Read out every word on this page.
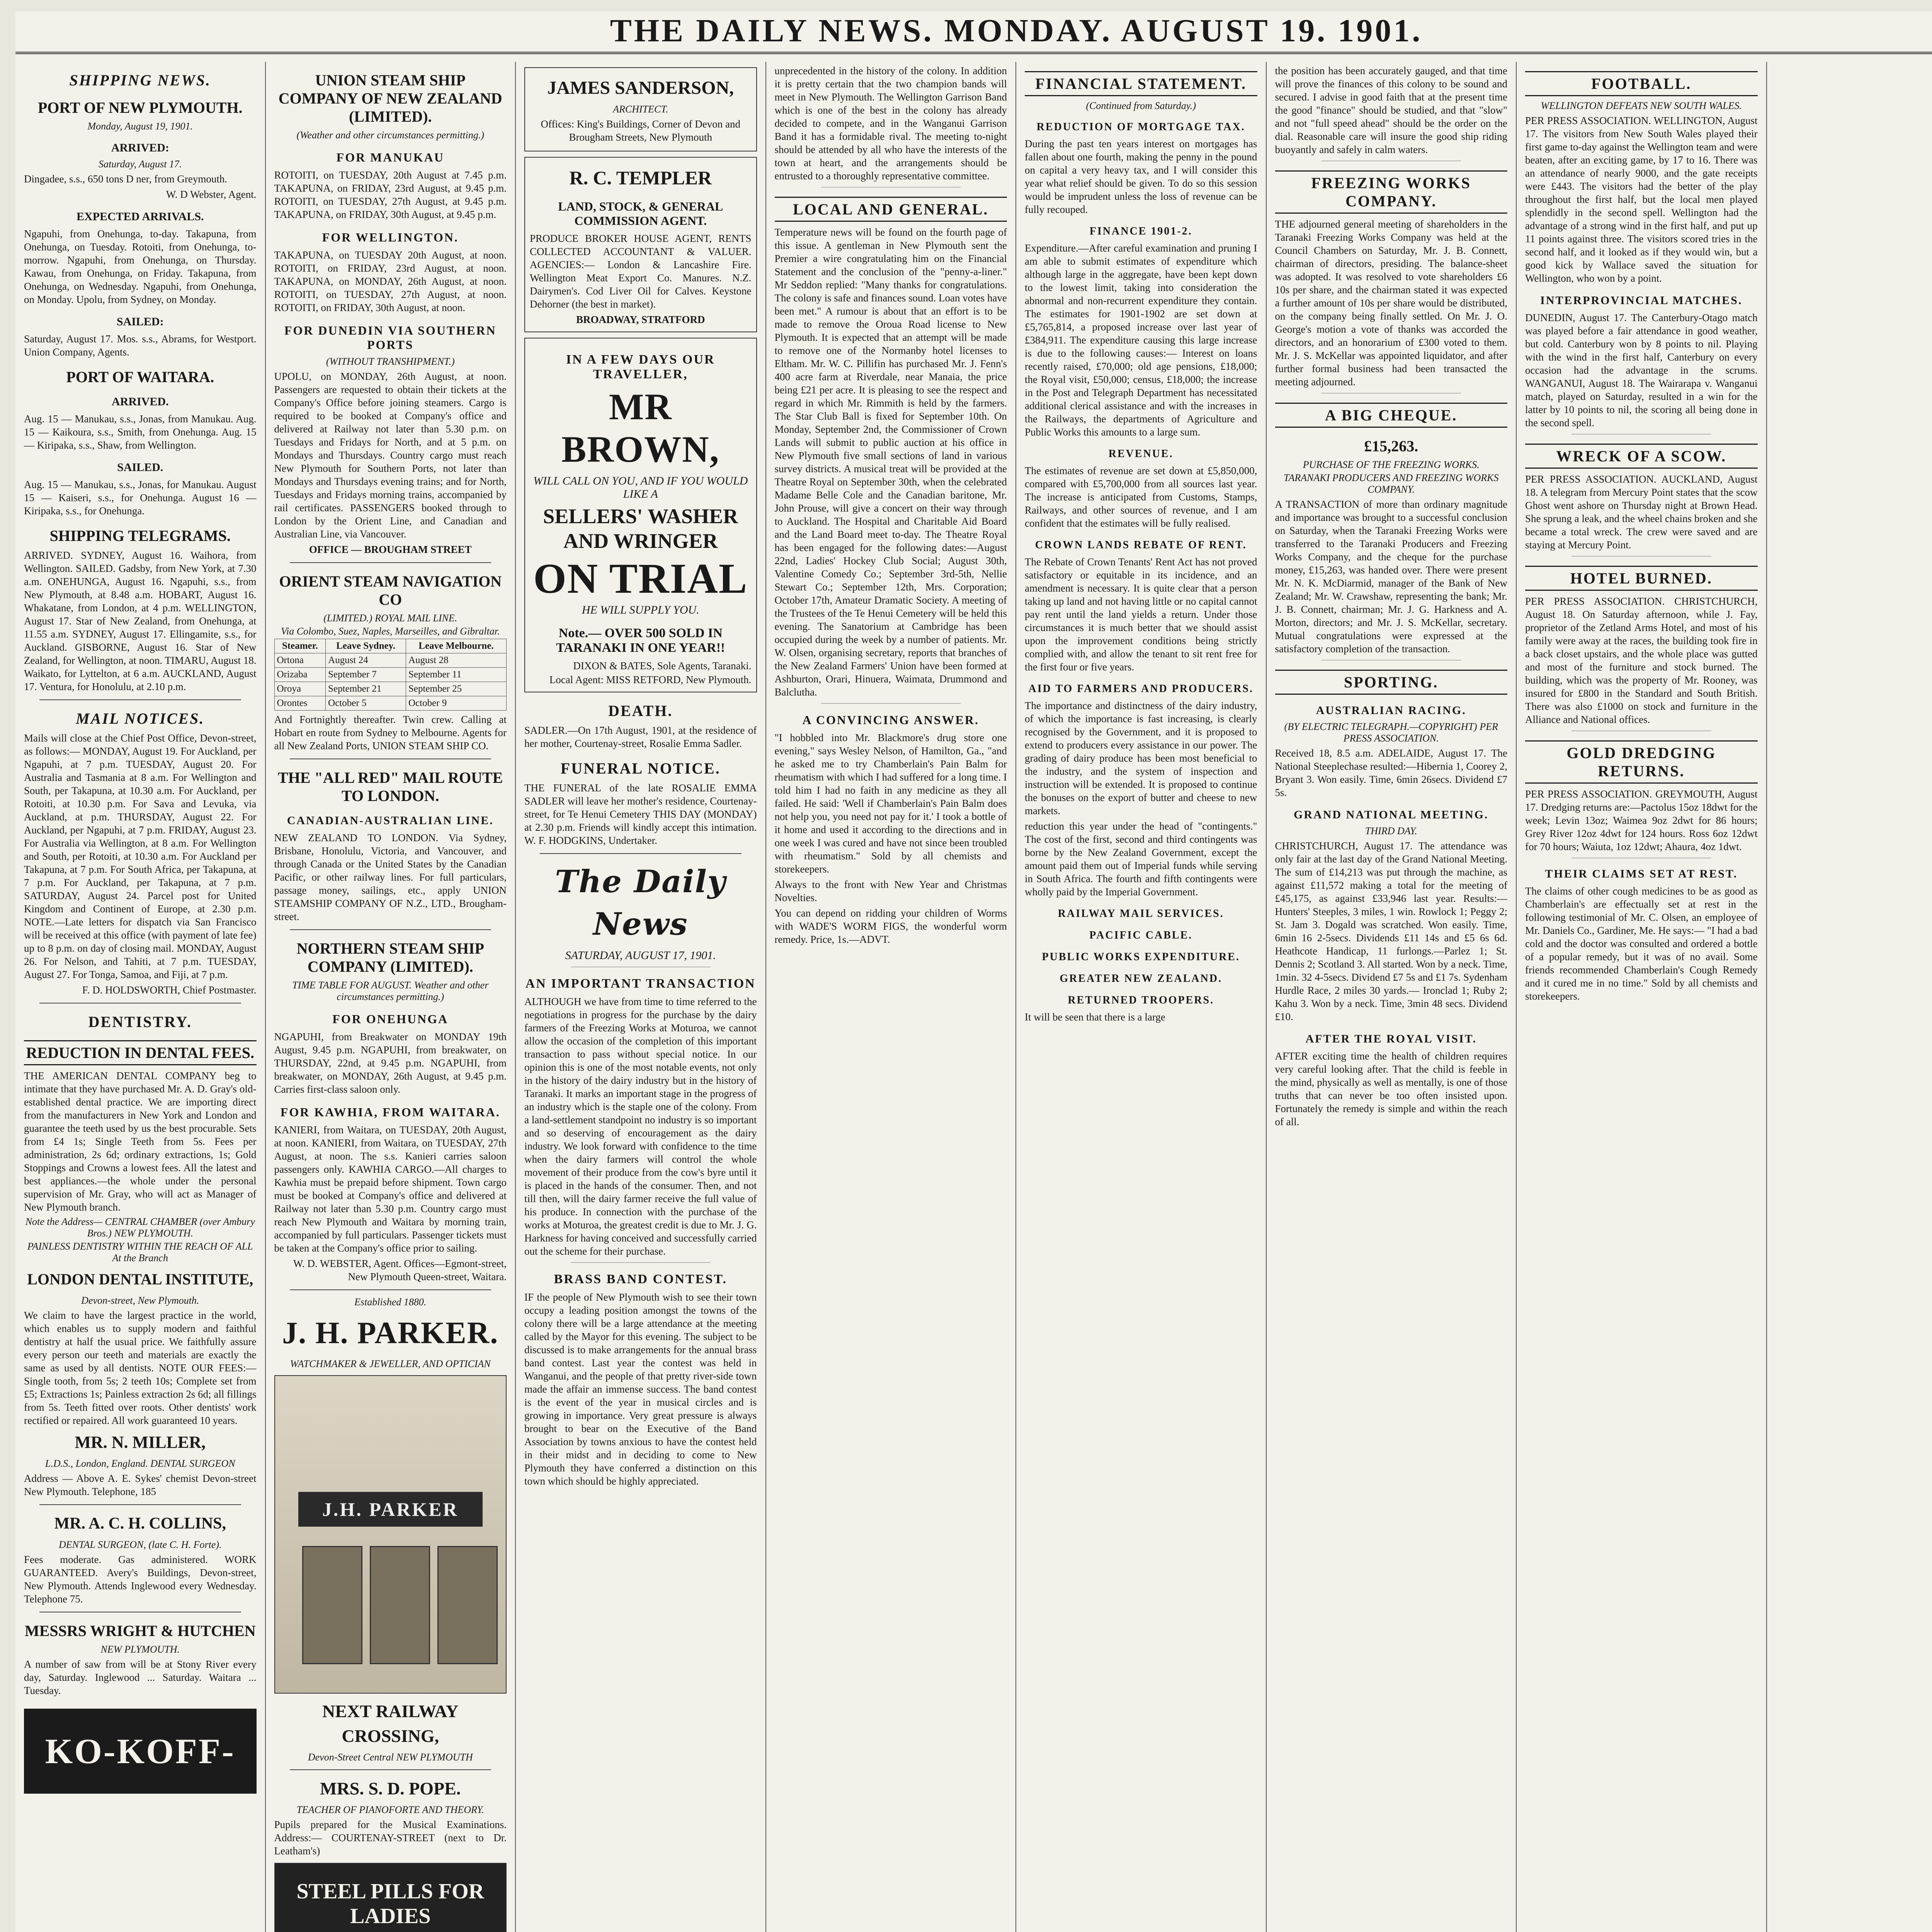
THE DAILY NEWS. MONDAY. AUGUST 19. 1901.
SHIPPING NEWS.
PORT OF NEW PLYMOUTH.
Monday, August 19, 1901.
ARRIVED:
Saturday, August 17.
Dingadee, s.s., 650 tons D ner, from Greymouth.
W. D Webster, Agent.
EXPECTED ARRIVALS.
Ngapuhi, from Onehunga, to-day. Takapuna, from Onehunga, on Tuesday. Rotoiti, from Onehunga, to-morrow. Ngapuhi, from Onehunga, on Thursday. Kawau, from Onehunga, on Friday. Takapuna, from Onehunga, on Wednesday. Ngapuhi, from Onehunga, on Monday. Upolu, from Sydney, on Monday.
SAILED:
Saturday, August 17. Mos. s.s., Abrams, for Westport. Union Company, Agents.
PORT OF WAITARA.
ARRIVED.
Aug. 15 — Manukau, s.s., Jonas, from Manukau. Aug. 15 — Kaikoura, s.s., Smith, from Onehunga. Aug. 15 — Kiripaka, s.s., Shaw, from Wellington.
SAILED.
Aug. 15 — Manukau, s.s., Jonas, for Manukau. August 15 — Kaiseri, s.s., for Onehunga. August 16 — Kiripaka, s.s., for Onehunga.
SHIPPING TELEGRAMS.
ARRIVED. SYDNEY, August 16. Waihora, from Wellington. SAILED. Gadsby, from New York, at 7.30 a.m. ONEHUNGA, August 16. Ngapuhi, s.s., from New Plymouth, at 8.48 a.m. HOBART, August 16. Whakatane, from London, at 4 p.m. WELLINGTON, August 17. Star of New Zealand, from Onehunga, at 11.55 a.m. SYDNEY, August 17. Ellingamite, s.s., for Auckland. GISBORNE, August 16. Star of New Zealand, for Wellington, at noon. TIMARU, August 18. Waikato, for Lyttelton, at 6 a.m. AUCKLAND, August 17. Ventura, for Honolulu, at 2.10 p.m.
MAIL NOTICES.
Mails will close at the Chief Post Office, Devon-street, as follows:— MONDAY, August 19. For Auckland, per Ngapuhi, at 7 p.m. TUESDAY, August 20. For Australia and Tasmania at 8 a.m. For Wellington and South, per Takapuna, at 10.30 a.m. For Auckland, per Rotoiti, at 10.30 p.m. For Sava and Levuka, via Auckland, at p.m. THURSDAY, August 22. For Auckland, per Ngapuhi, at 7 p.m. FRIDAY, August 23. For Australia via Wellington, at 8 a.m. For Wellington and South, per Rotoiti, at 10.30 a.m. For Auckland per Takapuna, at 7 p.m. For South Africa, per Takapuna, at 7 p.m. For Auckland, per Takapuna, at 7 p.m. SATURDAY, August 24. Parcel post for United Kingdom and Continent of Europe, at 2.30 p.m. NOTE.—Late letters for dispatch via San Francisco will be received at this office (with payment of late fee) up to 8 p.m. on day of closing mail. MONDAY, August 26. For Nelson, and Tahiti, at 7 p.m. TUESDAY, August 27. For Tonga, Samoa, and Fiji, at 7 p.m.
F. D. HOLDSWORTH, Chief Postmaster.
DENTISTRY.
REDUCTION IN DENTAL FEES.
THE AMERICAN DENTAL COMPANY beg to intimate that they have purchased Mr. A. D. Gray's old-established dental practice. We are importing direct from the manufacturers in New York and London and guarantee the teeth used by us the best procurable. Sets from £4 1s; Single Teeth from 5s. Fees per administration, 2s 6d; ordinary extractions, 1s; Gold Stoppings and Crowns a lowest fees. All the latest and best appliances.—the whole under the personal supervision of Mr. Gray, who will act as Manager of New Plymouth branch.
Note the Address— CENTRAL CHAMBER (over Ambury Bros.) NEW PLYMOUTH.
PAINLESS DENTISTRY WITHIN THE REACH OF ALL At the Branch
LONDON DENTAL INSTITUTE,
Devon-street, New Plymouth.
We claim to have the largest practice in the world, which enables us to supply modern and faithful dentistry at half the usual price. We faithfully assure every person our teeth and materials are exactly the same as used by all dentists. NOTE OUR FEES:—Single tooth, from 5s; 2 teeth 10s; Complete set from £5; Extractions 1s; Painless extraction 2s 6d; all fillings from 5s. Teeth fitted over roots. Other dentists' work rectified or repaired. All work guaranteed 10 years.
MR. N. MILLER,
L.D.S., London, England. DENTAL SURGEON
Address — Above A. E. Sykes' chemist Devon-street New Plymouth. Telephone, 185
MR. A. C. H. COLLINS,
DENTAL SURGEON, (late C. H. Forte).
Fees moderate. Gas administered. WORK GUARANTEED. Avery's Buildings, Devon-street, New Plymouth. Attends Inglewood every Wednesday. Telephone 75.
MESSRS WRIGHT & HUTCHEN
NEW PLYMOUTH.
A number of saw from will be at Stony River every day, Saturday. Inglewood ... Saturday. Waitara ... Tuesday.
KO-KOFF-COFFEE
UNION STEAM SHIP COMPANY OF NEW ZEALAND (LIMITED).
(Weather and other circumstances permitting.)
FOR MANUKAU
ROTOITI, on TUESDAY, 20th August at 7.45 p.m. TAKAPUNA, on FRIDAY, 23rd August, at 9.45 p.m. ROTOITI, on TUESDAY, 27th August, at 9.45 p.m. TAKAPUNA, on FRIDAY, 30th August, at 9.45 p.m.
FOR WELLINGTON.
TAKAPUNA, on TUESDAY 20th August, at noon. ROTOITI, on FRIDAY, 23rd August, at noon. TAKAPUNA, on MONDAY, 26th August, at noon. ROTOITI, on TUESDAY, 27th August, at noon. ROTOITI, on FRIDAY, 30th August, at noon.
FOR DUNEDIN VIA SOUTHERN PORTS
(WITHOUT TRANSHIPMENT.)
UPOLU, on MONDAY, 26th August, at noon. Passengers are requested to obtain their tickets at the Company's Office before joining steamers. Cargo is required to be booked at Company's office and delivered at Railway not later than 5.30 p.m. on Tuesdays and Fridays for North, and at 5 p.m. on Mondays and Thursdays. Country cargo must reach New Plymouth for Southern Ports, not later than Mondays and Thursdays evening trains; and for North, Tuesdays and Fridays morning trains, accompanied by rail certificates. PASSENGERS booked through to London by the Orient Line, and Canadian and Australian Line, via Vancouver.
OFFICE — BROUGHAM STREET
ORIENT STEAM NAVIGATION CO
(LIMITED.) ROYAL MAIL LINE.
Via Colombo, Suez, Naples, Marseilles, and Gibraltar.
Steamer.	Leave Sydney.	Leave Melbourne.
Ortona	August 24	August 28
Orizaba	September 7	September 11
Oroya	September 21	September 25
Orontes	October 5	October 9
And Fortnightly thereafter. Twin crew. Calling at Hobart en route from Sydney to Melbourne. Agents for all New Zealand Ports, UNION STEAM SHIP CO.
THE "ALL RED" MAIL ROUTE TO LONDON.
CANADIAN-AUSTRALIAN LINE.
NEW ZEALAND TO LONDON. Via Sydney, Brisbane, Honolulu, Victoria, and Vancouver, and through Canada or the United States by the Canadian Pacific, or other railway lines. For full particulars, passage money, sailings, etc., apply UNION STEAMSHIP COMPANY OF N.Z., LTD., Brougham-street.
NORTHERN STEAM SHIP COMPANY (LIMITED).
TIME TABLE FOR AUGUST. Weather and other circumstances permitting.)
FOR ONEHUNGA
NGAPUHI, from Breakwater on MONDAY 19th August, 9.45 p.m. NGAPUHI, from breakwater, on THURSDAY, 22nd, at 9.45 p.m. NGAPUHI, from breakwater, on MONDAY, 26th August, at 9.45 p.m. Carries first-class saloon only.
FOR KAWHIA, FROM WAITARA.
KANIERI, from Waitara, on TUESDAY, 20th August, at noon. KANIERI, from Waitara, on TUESDAY, 27th August, at noon. The s.s. Kanieri carries saloon passengers only. KAWHIA CARGO.—All charges to Kawhia must be prepaid before shipment. Town cargo must be booked at Company's office and delivered at Railway not later than 5.30 p.m. Country cargo must reach New Plymouth and Waitara by morning train, accompanied by full particulars. Passenger tickets must be taken at the Company's office prior to sailing.
W. D. WEBSTER, Agent. Offices—Egmont-street, New Plymouth Queen-street, Waitara.
Established 1880.
J. H. PARKER.
WATCHMAKER & JEWELLER, AND OPTICIAN
J.H. PARKER
NEXT RAILWAY CROSSING,
Devon-Street Central NEW PLYMOUTH
MRS. S. D. POPE.
TEACHER OF PIANOFORTE AND THEORY.
Pupils prepared for the Musical Examinations. Address:— COURTENAY-STREET (next to Dr. Leatham's)
STEEL PILLS FOR LADIES
JAMES SANDERSON,
ARCHITECT.
Offices: King's Buildings, Corner of Devon and Brougham Streets, New Plymouth
R. C. TEMPLER
LAND, STOCK, & GENERAL COMMISSION AGENT.
PRODUCE BROKER HOUSE AGENT, RENTS COLLECTED ACCOUNTANT & VALUER. AGENCIES:— London & Lancashire Fire. Wellington Meat Export Co. Manures. N.Z. Dairymen's. Cod Liver Oil for Calves. Keystone Dehorner (the best in market).
BROADWAY, STRATFORD
IN A FEW DAYS OUR TRAVELLER,
MR BROWN,
WILL CALL ON YOU, AND IF YOU WOULD LIKE A
SELLERS' WASHER AND WRINGER
ON TRIAL
HE WILL SUPPLY YOU.
Note.— OVER 500 SOLD IN TARANAKI IN ONE YEAR!!
DIXON & BATES, Sole Agents, Taranaki.
Local Agent: MISS RETFORD, New Plymouth.
DEATH.
SADLER.—On 17th August, 1901, at the residence of her mother, Courtenay-street, Rosalie Emma Sadler.
FUNERAL NOTICE.
THE FUNERAL of the late ROSALIE EMMA SADLER will leave her mother's residence, Courtenay-street, for Te Henui Cemetery THIS DAY (MONDAY) at 2.30 p.m. Friends will kindly accept this intimation. W. F. HODGKINS, Undertaker.
The Daily News
SATURDAY, AUGUST 17, 1901.
AN IMPORTANT TRANSACTION
ALTHOUGH we have from time to time referred to the negotiations in progress for the purchase by the dairy farmers of the Freezing Works at Moturoa, we cannot allow the occasion of the completion of this important transaction to pass without special notice. In our opinion this is one of the most notable events, not only in the history of the dairy industry but in the history of Taranaki. It marks an important stage in the progress of an industry which is the staple one of the colony. From a land-settlement standpoint no industry is so important and so deserving of encouragement as the dairy industry. We look forward with confidence to the time when the dairy farmers will control the whole movement of their produce from the cow's byre until it is placed in the hands of the consumer. Then, and not till then, will the dairy farmer receive the full value of his produce. In connection with the purchase of the works at Moturoa, the greatest credit is due to Mr. J. G. Harkness for having conceived and successfully carried out the scheme for their purchase.
BRASS BAND CONTEST.
IF the people of New Plymouth wish to see their town occupy a leading position amongst the towns of the colony there will be a large attendance at the meeting called by the Mayor for this evening. The subject to be discussed is to make arrangements for the annual brass band contest. Last year the contest was held in Wanganui, and the people of that pretty river-side town made the affair an immense success. The band contest is the event of the year in musical circles and is growing in importance. Very great pressure is always brought to bear on the Executive of the Band Association by towns anxious to have the contest held in their midst and in deciding to come to New Plymouth they have conferred a distinction on this town which should be highly appreciated.
unprecedented in the history of the colony. In addition it is pretty certain that the two champion bands will meet in New Plymouth. The Wellington Garrison Band which is one of the best in the colony has already decided to compete, and in the Wanganui Garrison Band it has a formidable rival. The meeting to-night should be attended by all who have the interests of the town at heart, and the arrangements should be entrusted to a thoroughly representative committee.
LOCAL AND GENERAL.
Temperature news will be found on the fourth page of this issue. A gentleman in New Plymouth sent the Premier a wire congratulating him on the Financial Statement and the conclusion of the "penny-a-liner." Mr Seddon replied: "Many thanks for congratulations. The colony is safe and finances sound. Loan votes have been met." A rumour is about that an effort is to be made to remove the Oroua Road license to New Plymouth. It is expected that an attempt will be made to remove one of the Normanby hotel licenses to Eltham. Mr. W. C. Pillifin has purchased Mr. J. Fenn's 400 acre farm at Riverdale, near Manaia, the price being £21 per acre. It is pleasing to see the respect and regard in which Mr. Rimmith is held by the farmers. The Star Club Ball is fixed for September 10th. On Monday, September 2nd, the Commissioner of Crown Lands will submit to public auction at his office in New Plymouth five small sections of land in various survey districts. A musical treat will be provided at the Theatre Royal on September 30th, when the celebrated Madame Belle Cole and the Canadian baritone, Mr. John Prouse, will give a concert on their way through to Auckland. The Hospital and Charitable Aid Board and the Land Board meet to-day. The Theatre Royal has been engaged for the following dates:—August 22nd, Ladies' Hockey Club Social; August 30th, Valentine Comedy Co.; September 3rd-5th, Nellie Stewart Co.; September 12th, Mrs. Corporation; October 17th, Amateur Dramatic Society. A meeting of the Trustees of the Te Henui Cemetery will be held this evening. The Sanatorium at Cambridge has been occupied during the week by a number of patients. Mr. W. Olsen, organising secretary, reports that branches of the New Zealand Farmers' Union have been formed at Ashburton, Orari, Hinuera, Waimata, Drummond and Balclutha.
A CONVINCING ANSWER.
"I hobbled into Mr. Blackmore's drug store one evening," says Wesley Nelson, of Hamilton, Ga., "and he asked me to try Chamberlain's Pain Balm for rheumatism with which I had suffered for a long time. I told him I had no faith in any medicine as they all failed. He said: 'Well if Chamberlain's Pain Balm does not help you, you need not pay for it.' I took a bottle of it home and used it according to the directions and in one week I was cured and have not since been troubled with rheumatism." Sold by all chemists and storekeepers.
Always to the front with New Year and Christmas Novelties.
You can depend on ridding your children of Worms with WADE'S WORM FIGS, the wonderful worm remedy. Price, 1s.—ADVT.
FINANCIAL STATEMENT.
(Continued from Saturday.)
REDUCTION OF MORTGAGE TAX.
During the past ten years interest on mortgages has fallen about one fourth, making the penny in the pound on capital a very heavy tax, and I will consider this year what relief should be given. To do so this session would be imprudent unless the loss of revenue can be fully recouped.
FINANCE 1901-2.
Expenditure.—After careful examination and pruning I am able to submit estimates of expenditure which although large in the aggregate, have been kept down to the lowest limit, taking into consideration the abnormal and non-recurrent expenditure they contain. The estimates for 1901-1902 are set down at £5,765,814, a proposed increase over last year of £384,911. The expenditure causing this large increase is due to the following causes:— Interest on loans recently raised, £70,000; old age pensions, £18,000; the Royal visit, £50,000; census, £18,000; the increase in the Post and Telegraph Department has necessitated additional clerical assistance and with the increases in the Railways, the departments of Agriculture and Public Works this amounts to a large sum.
REVENUE.
The estimates of revenue are set down at £5,850,000, compared with £5,700,000 from all sources last year. The increase is anticipated from Customs, Stamps, Railways, and other sources of revenue, and I am confident that the estimates will be fully realised.
CROWN LANDS REBATE OF RENT.
The Rebate of Crown Tenants' Rent Act has not proved satisfactory or equitable in its incidence, and an amendment is necessary. It is quite clear that a person taking up land and not having little or no capital cannot pay rent until the land yields a return. Under those circumstances it is much better that we should assist upon the improvement conditions being strictly complied with, and allow the tenant to sit rent free for the first four or five years.
AID TO FARMERS AND PRODUCERS.
The importance and distinctness of the dairy industry, of which the importance is fast increasing, is clearly recognised by the Government, and it is proposed to extend to producers every assistance in our power. The grading of dairy produce has been most beneficial to the industry, and the system of inspection and instruction will be extended. It is proposed to continue the bonuses on the export of butter and cheese to new markets.
reduction this year under the head of "contingents." The cost of the first, second and third contingents was borne by the New Zealand Government, except the amount paid them out of Imperial funds while serving in South Africa. The fourth and fifth contingents were wholly paid by the Imperial Government.
RAILWAY MAIL SERVICES.
PACIFIC CABLE.
PUBLIC WORKS EXPENDITURE.
GREATER NEW ZEALAND.
RETURNED TROOPERS.
It will be seen that there is a large
the position has been accurately gauged, and that time will prove the finances of this colony to be sound and secured. I advise in good faith that at the present time the good "finance" should be studied, and that "slow" and not "full speed ahead" should be the order on the dial. Reasonable care will insure the good ship riding buoyantly and safely in calm waters.
FREEZING WORKS COMPANY.
THE adjourned general meeting of shareholders in the Taranaki Freezing Works Company was held at the Council Chambers on Saturday, Mr. J. B. Connett, chairman of directors, presiding. The balance-sheet was adopted. It was resolved to vote shareholders £6 10s per share, and the chairman stated it was expected a further amount of 10s per share would be distributed, on the company being finally settled. On Mr. J. O. George's motion a vote of thanks was accorded the directors, and an honorarium of £300 voted to them. Mr. J. S. McKellar was appointed liquidator, and after further formal business had been transacted the meeting adjourned.
A BIG CHEQUE.
£15,263.
PURCHASE OF THE FREEZING WORKS.
TARANAKI PRODUCERS AND FREEZING WORKS COMPANY.
A TRANSACTION of more than ordinary magnitude and importance was brought to a successful conclusion on Saturday, when the Taranaki Freezing Works were transferred to the Taranaki Producers and Freezing Works Company, and the cheque for the purchase money, £15,263, was handed over. There were present Mr. N. K. McDiarmid, manager of the Bank of New Zealand; Mr. W. Crawshaw, representing the bank; Mr. J. B. Connett, chairman; Mr. J. G. Harkness and A. Morton, directors; and Mr. J. S. McKellar, secretary. Mutual congratulations were expressed at the satisfactory completion of the transaction.
SPORTING.
AUSTRALIAN RACING.
(BY ELECTRIC TELEGRAPH.—COPYRIGHT) PER PRESS ASSOCIATION.
Received 18, 8.5 a.m. ADELAIDE, August 17. The National Steeplechase resulted:—Hibernia 1, Coorey 2, Bryant 3. Won easily. Time, 6min 26secs. Dividend £7 5s.
GRAND NATIONAL MEETING.
THIRD DAY.
CHRISTCHURCH, August 17. The attendance was only fair at the last day of the Grand National Meeting. The sum of £14,213 was put through the machine, as against £11,572 making a total for the meeting of £45,175, as against £33,946 last year. Results:— Hunters' Steeples, 3 miles, 1 win. Rowlock 1; Peggy 2; St. Jam 3. Dogald was scratched. Won easily. Time, 6min 16 2-5secs. Dividends £11 14s and £5 6s 6d. Heathcote Handicap, 11 furlongs.—Parlez 1; St. Dennis 2; Scotland 3. All started. Won by a neck. Time, 1min. 32 4-5secs. Dividend £7 5s and £1 7s. Sydenham Hurdle Race, 2 miles 30 yards.— Ironclad 1; Ruby 2; Kahu 3. Won by a neck. Time, 3min 48 secs. Dividend £10.
AFTER THE ROYAL VISIT.
AFTER exciting time the health of children requires very careful looking after. That the child is feeble in the mind, physically as well as mentally, is one of those truths that can never be too often insisted upon. Fortunately the remedy is simple and within the reach of all.
FOOTBALL.
WELLINGTON DEFEATS NEW SOUTH WALES.
PER PRESS ASSOCIATION. WELLINGTON, August 17. The visitors from New South Wales played their first game to-day against the Wellington team and were beaten, after an exciting game, by 17 to 16. There was an attendance of nearly 9000, and the gate receipts were £443. The visitors had the better of the play throughout the first half, but the local men played splendidly in the second spell. Wellington had the advantage of a strong wind in the first half, and put up 11 points against three. The visitors scored tries in the second half, and it looked as if they would win, but a good kick by Wallace saved the situation for Wellington, who won by a point.
INTERPROVINCIAL MATCHES.
DUNEDIN, August 17. The Canterbury-Otago match was played before a fair attendance in good weather, but cold. Canterbury won by 8 points to nil. Playing with the wind in the first half, Canterbury on every occasion had the advantage in the scrums. WANGANUI, August 18. The Wairarapa v. Wanganui match, played on Saturday, resulted in a win for the latter by 10 points to nil, the scoring all being done in the second spell.
WRECK OF A SCOW.
PER PRESS ASSOCIATION. AUCKLAND, August 18. A telegram from Mercury Point states that the scow Ghost went ashore on Thursday night at Brown Head. She sprung a leak, and the wheel chains broken and she became a total wreck. The crew were saved and are staying at Mercury Point.
HOTEL BURNED.
PER PRESS ASSOCIATION. CHRISTCHURCH, August 18. On Saturday afternoon, while J. Fay, proprietor of the Zetland Arms Hotel, and most of his family were away at the races, the building took fire in a back closet upstairs, and the whole place was gutted and most of the furniture and stock burned. The building, which was the property of Mr. Rooney, was insured for £800 in the Standard and South British. There was also £1000 on stock and furniture in the Alliance and National offices.
GOLD DREDGING RETURNS.
PER PRESS ASSOCIATION. GREYMOUTH, August 17. Dredging returns are:—Pactolus 15oz 18dwt for the week; Levin 13oz; Waimea 9oz 2dwt for 86 hours; Grey River 12oz 4dwt for 124 hours. Ross 6oz 12dwt for 70 hours; Waiuta, 1oz 12dwt; Ahaura, 4oz 1dwt.
THEIR CLAIMS SET AT REST.
The claims of other cough medicines to be as good as Chamberlain's are effectually set at rest in the following testimonial of Mr. C. Olsen, an employee of Mr. Daniels Co., Gardiner, Me. He says:— "I had a bad cold and the doctor was consulted and ordered a bottle of a popular remedy, but it was of no avail. Some friends recommended Chamberlain's Cough Remedy and it cured me in no time." Sold by all chemists and storekeepers.
